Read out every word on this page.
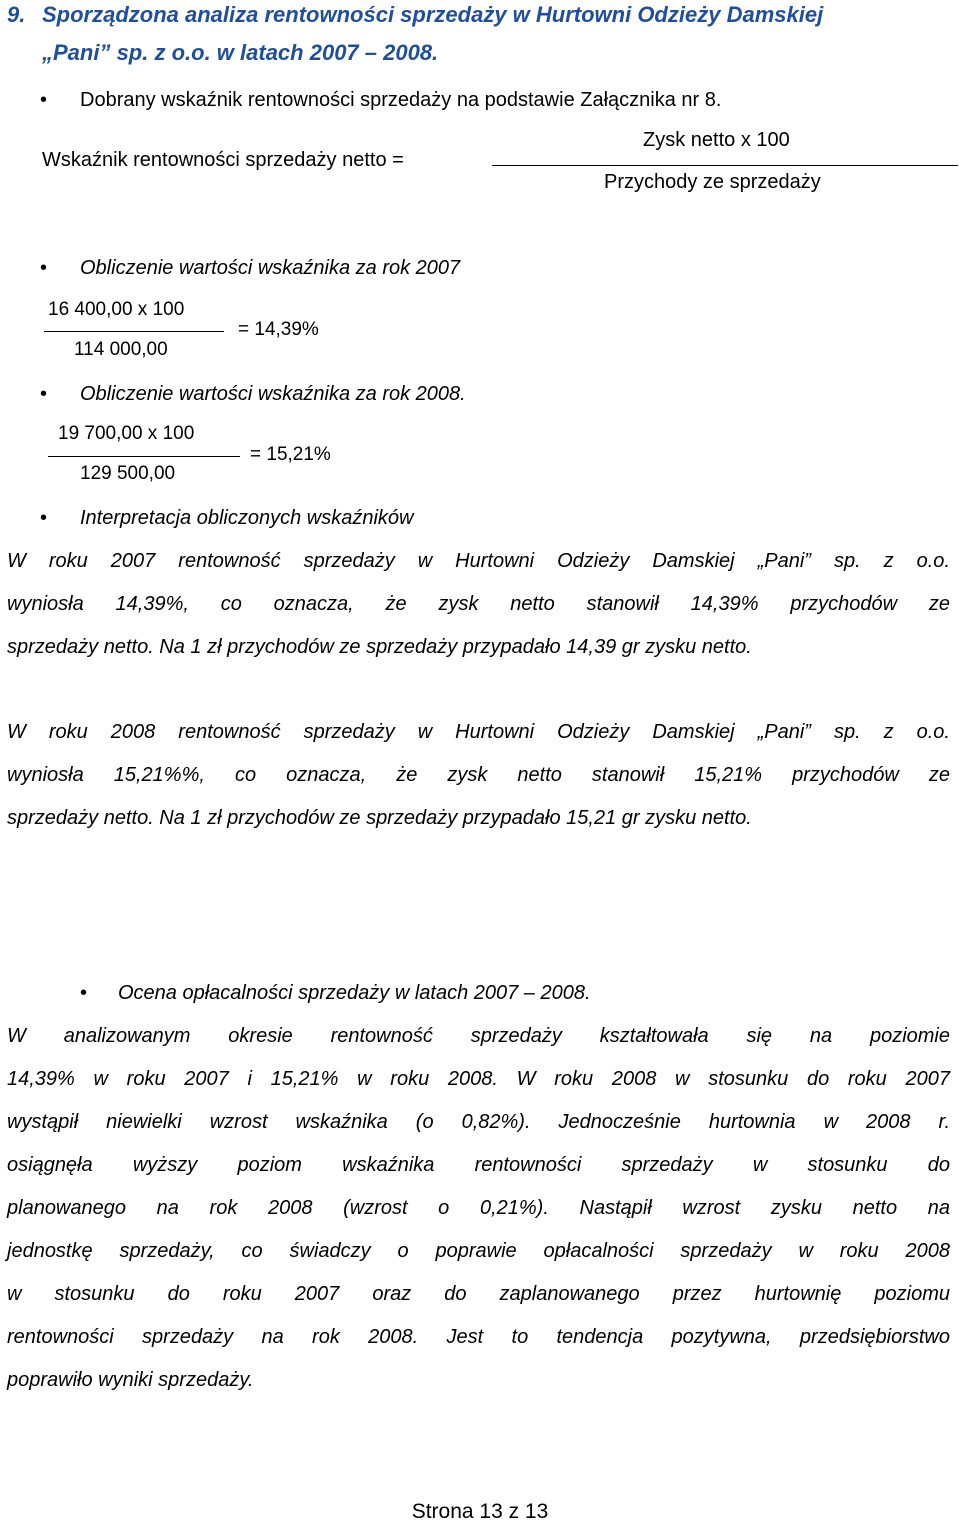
9. Sporządzona analiza rentowności sprzedaży w Hurtowni Odzieży Damskiej
„Pani” sp. z o.o. w latach 2007 – 2008.
• Dobrany wskaźnik rentowności sprzedaży na podstawie Załącznika nr 8.
Wskaźnik rentowności sprzedaży netto =
Zysk netto x 100
Przychody ze sprzedaży
• Obliczenie wartości wskaźnika za rok 2007
16 400,00 x 100
114 000,00
= 14,39%
• Obliczenie wartości wskaźnika za rok 2008.
19 700,00 x 100
129 500,00
= 15,21%
• Interpretacja obliczonych wskaźników
W roku 2007 rentowność sprzedaży w Hurtowni Odzieży Damskiej „Pani” sp. z o.o.
wyniosła 14,39%, co oznacza, że zysk netto stanowił 14,39% przychodów ze
sprzedaży netto. Na 1 zł przychodów ze sprzedaży przypadało 14,39 gr zysku netto.
W roku 2008 rentowność sprzedaży w Hurtowni Odzieży Damskiej „Pani” sp. z o.o.
wyniosła 15,21%%, co oznacza, że zysk netto stanowił 15,21% przychodów ze
sprzedaży netto. Na 1 zł przychodów ze sprzedaży przypadało 15,21 gr zysku netto.
• Ocena opłacalności sprzedaży w latach 2007 – 2008.
W analizowanym okresie rentowność sprzedaży kształtowała się na poziomie
14,39% w roku 2007 i 15,21% w roku 2008. W roku 2008 w stosunku do roku 2007
wystąpił niewielki wzrost wskaźnika (o 0,82%). Jednocześnie hurtownia w 2008 r.
osiągnęła wyższy poziom wskaźnika rentowności sprzedaży w stosunku do
planowanego na rok 2008 (wzrost o 0,21%). Nastąpił wzrost zysku netto na
jednostkę sprzedaży, co świadczy o poprawie opłacalności sprzedaży w roku 2008
w stosunku do roku 2007 oraz do zaplanowanego przez hurtownię poziomu
rentowności sprzedaży na rok 2008. Jest to tendencja pozytywna, przedsiębiorstwo
poprawiło wyniki sprzedaży.
Strona 13 z 13
